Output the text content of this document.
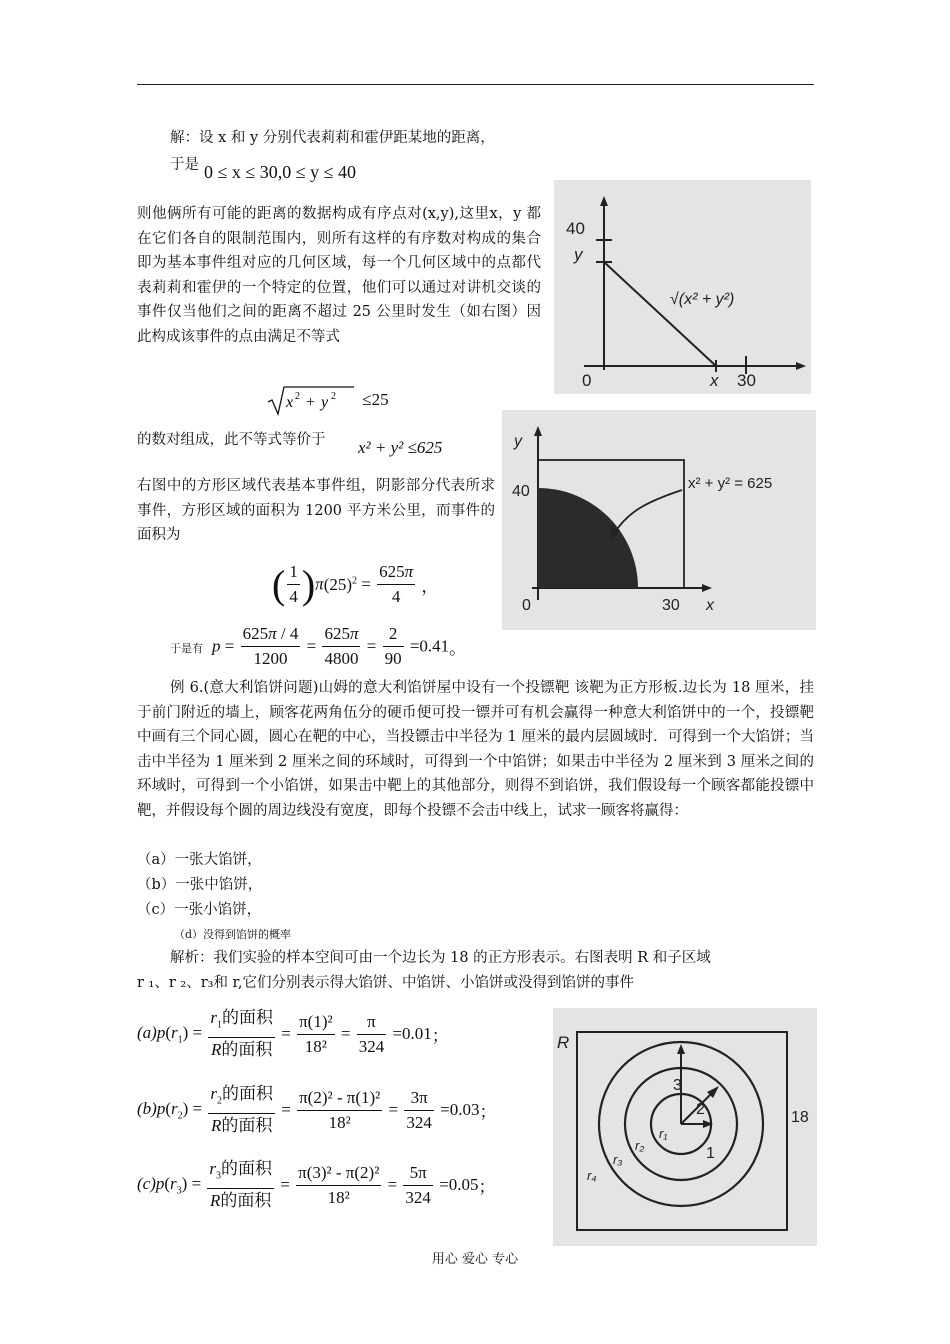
解：设 x 和 y 分别代表莉莉和霍伊距某地的距离，
于是 0 ≤ x ≤ 30,0 ≤ y ≤ 40
则他俩所有可能的距离的数据构成有序点对(x,y),这里x，y 都在它们各自的限制范围内，则所有这样的有序数对构成的集合即为基本事件组对应的几何区域，每一个几何区域中的点都代表莉莉和霍伊的一个特定的位置，他们可以通过对讲机交谈的事件仅当他们之间的距离不超过 25 公里时发生（如右图）因此构成该事件的点由满足不等式
x 2 + y 2 ≤25
的数对组成，此不等式等价于 x² + y² ≤625
右图中的方形区域代表基本事件组，阴影部分代表所求事件，方形区域的面积为 1200 平方米公里，而事件的面积为
( $\frac{1}{4} )\pi(25)^2 = \frac{625\pi}{4}$ ，
于是有 $p = \frac{625\pi / 4}{1200} = \frac{625\pi}{4800} = \frac{2}{90} =0.41$。
例 6.(意大利馅饼问题)山姆的意大利馅饼屋中设有一个投镖靶 该靶为正方形板.边长为 18 厘米，挂于前门附近的墙上，顾客花两角伍分的硬币便可投一镖并可有机会赢得一种意大利馅饼中的一个，投镖靶中画有三个同心圆，圆心在靶的中心，当投镖击中半径为 1 厘米的最内层圆域时．可得到一个大馅饼；当击中半径为 1 厘米到 2 厘米之间的环域时，可得到一个中馅饼；如果击中半径为 2 厘米到 3 厘米之间的环域时，可得到一个小馅饼，如果击中靶上的其他部分，则得不到谄饼，我们假设每一个顾客都能投镖中靶，并假设每个圆的周边线没有宽度，即每个投镖不会击中线上，试求一顾客将赢得：
（a）一张大馅饼，
（b）一张中馅饼，
（c）一张小馅饼，
（d）没得到馅饼的概率
解析：我们实验的样本空间可由一个边长为 18 的正方形表示。右图表明 R 和子区域
r ₁、r ₂、r₃和 r,它们分别表示得大馅饼、中馅饼、小馅饼或没得到馅饼的事件
$(a)p(r_1) = \frac{r_1的面积}{\text{R的面积}} = \frac{\text{π(1)²}}{\text{18²}} = \frac{\pi}{324} =0.01$；
$(b)p(r_2) = \frac{r_2的面积}{\text{R的面积}} = \frac{\text{π(2)² - π(1)²}}{\text{18²}} = \frac{3\pi}{324} =0.03$；
$(c)p(r_3) = \frac{r_3的面积}{\text{R的面积}} = \frac{\text{π(3)² - π(2)²}}{\text{18²}} = \frac{5\pi}{324} =0.05$；
40
y
0	x 30
√(x² + y²)
y
40
0	30 x
x² + y² = 625
R
18
3
2
1
r₁
r₂
r₃
r₄
用心 爱心 专心
